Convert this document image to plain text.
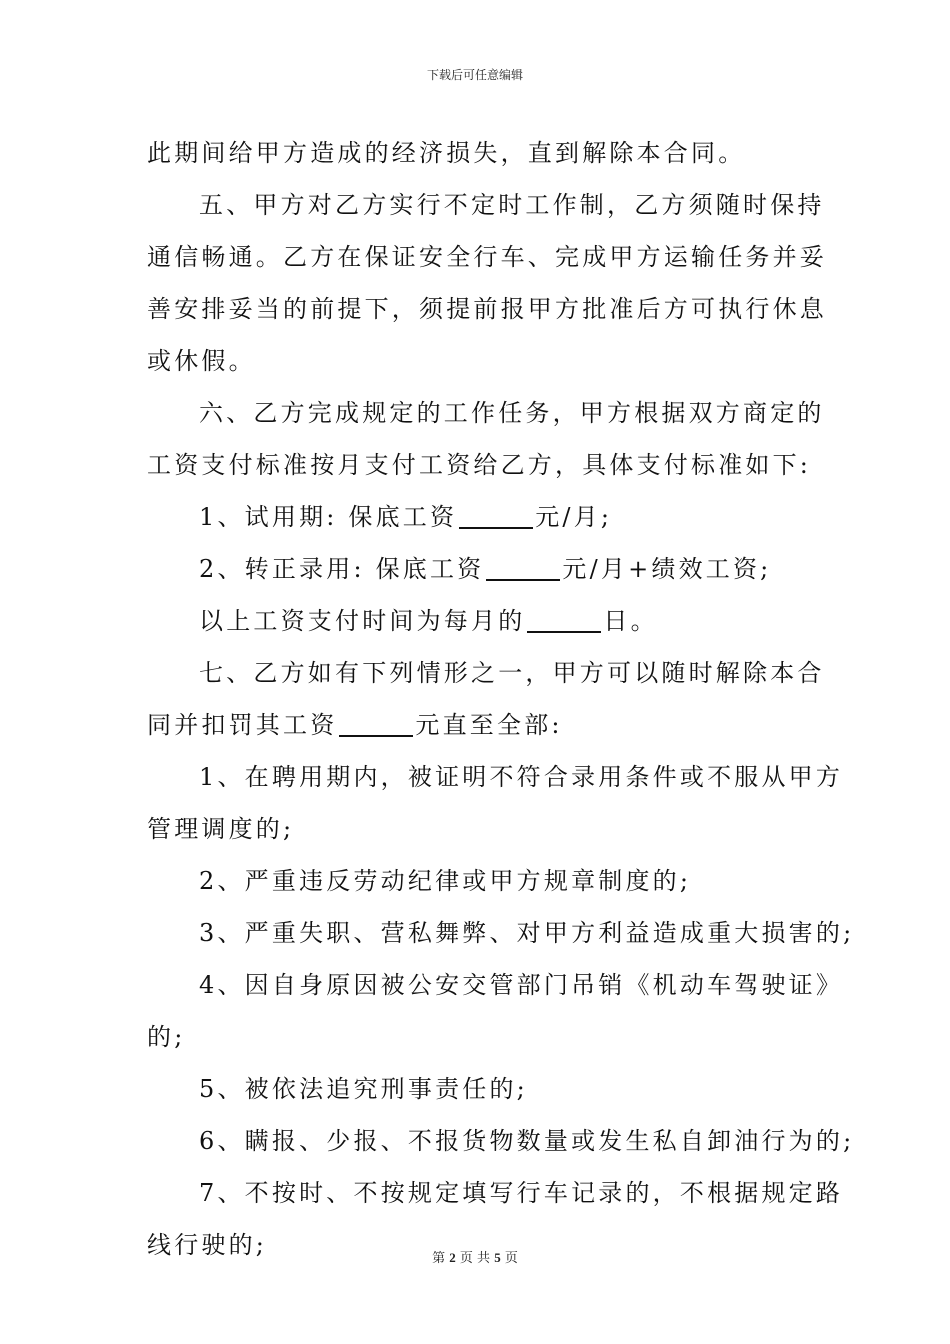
下载后可任意编辑
此期间给甲方造成的经济损失，直到解除本合同。
五、甲方对乙方实行不定时工作制，乙方须随时保持
通信畅通。乙方在保证安全行车、完成甲方运输任务并妥
善安排妥当的前提下，须提前报甲方批准后方可执行休息
或休假。
六、乙方完成规定的工作任务，甲方根据双方商定的
工资支付标准按月支付工资给乙方，具体支付标准如下:
1、试用期: 保底工资	元/月;
2、转正录用: 保底工资	元/月+绩效工资;
以上工资支付时间为每月的	日。
七、乙方如有下列情形之一，甲方可以随时解除本合
同并扣罚其工资	元直至全部:
1、在聘用期内，被证明不符合录用条件或不服从甲方
管理调度的;
2、严重违反劳动纪律或甲方规章制度的;
3、严重失职、营私舞弊、对甲方利益造成重大损害的;
4、因自身原因被公安交管部门吊销《机动车驾驶证》
的;
5、被依法追究刑事责任的;
6、瞒报、少报、不报货物数量或发生私自卸油行为的;
7、不按时、不按规定填写行车记录的，不根据规定路
线行驶的;	第 2 页 共 5 页
